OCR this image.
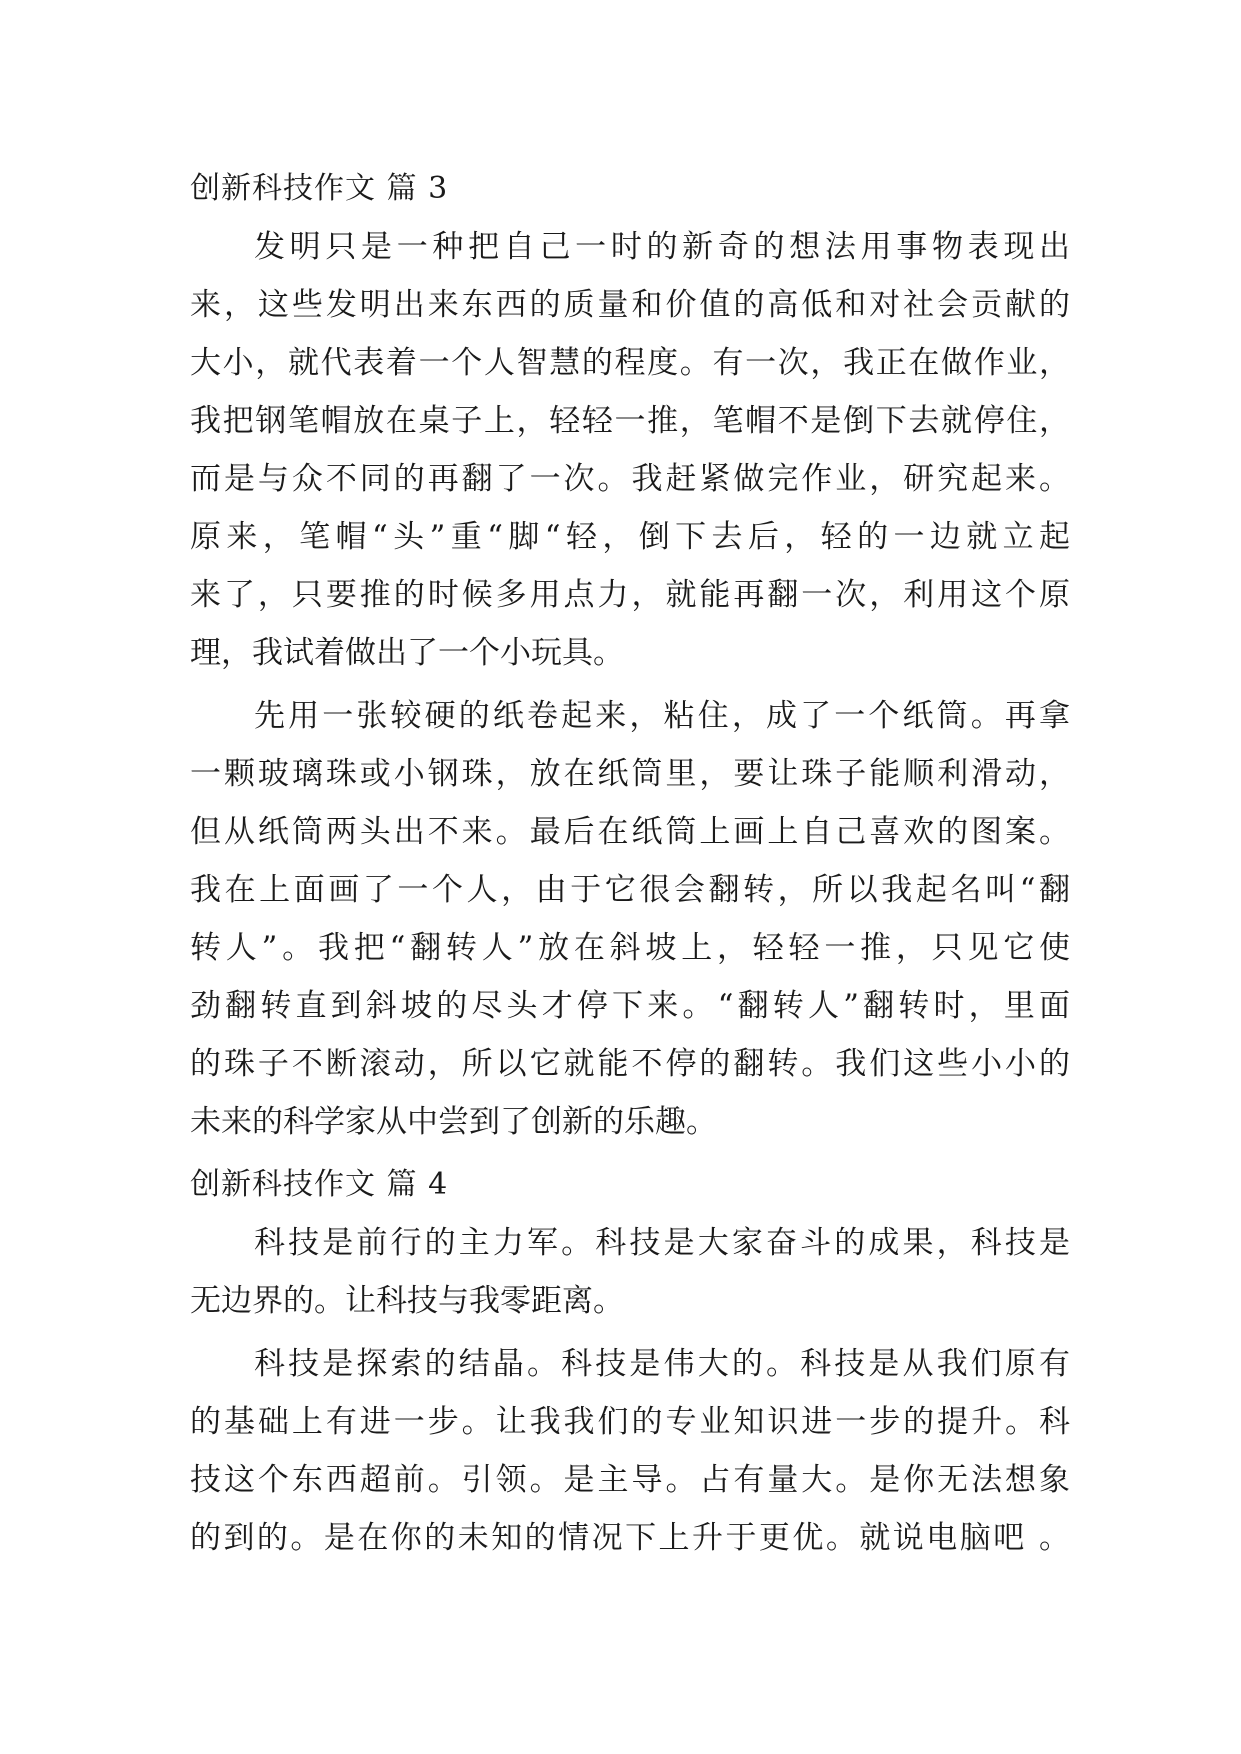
创新科技作文 篇 3
发明只是一种把自己一时的新奇的想法用事物表现出
来，这些发明出来东西的质量和价值的高低和对社会贡献的
大小，就代表着一个人智慧的程度。有一次，我正在做作业，
我把钢笔帽放在桌子上，轻轻一推，笔帽不是倒下去就停住，
而是与众不同的再翻了一次。我赶紧做完作业，研究起来。
原来，笔帽“头”重“脚“轻，倒下去后，轻的一边就立起
来了，只要推的时候多用点力，就能再翻一次，利用这个原
理，我试着做出了一个小玩具。
先用一张较硬的纸卷起来，粘住，成了一个纸筒。再拿
一颗玻璃珠或小钢珠，放在纸筒里，要让珠子能顺利滑动，
但从纸筒两头出不来。最后在纸筒上画上自己喜欢的图案。
我在上面画了一个人，由于它很会翻转，所以我起名叫“翻
转人”。我把“翻转人”放在斜坡上，轻轻一推，只见它使
劲翻转直到斜坡的尽头才停下来。“翻转人”翻转时，里面
的珠子不断滚动，所以它就能不停的翻转。我们这些小小的
未来的科学家从中尝到了创新的乐趣。
创新科技作文 篇 4
科技是前行的主力军。科技是大家奋斗的成果，科技是
无边界的。让科技与我零距离。
科技是探索的结晶。科技是伟大的。科技是从我们原有
的基础上有进一步。让我我们的专业知识进一步的提升。科
技这个东西超前。引领。是主导。占有量大。是你无法想象
的到的。是在你的未知的情况下上升于更优。就说电脑吧 。
